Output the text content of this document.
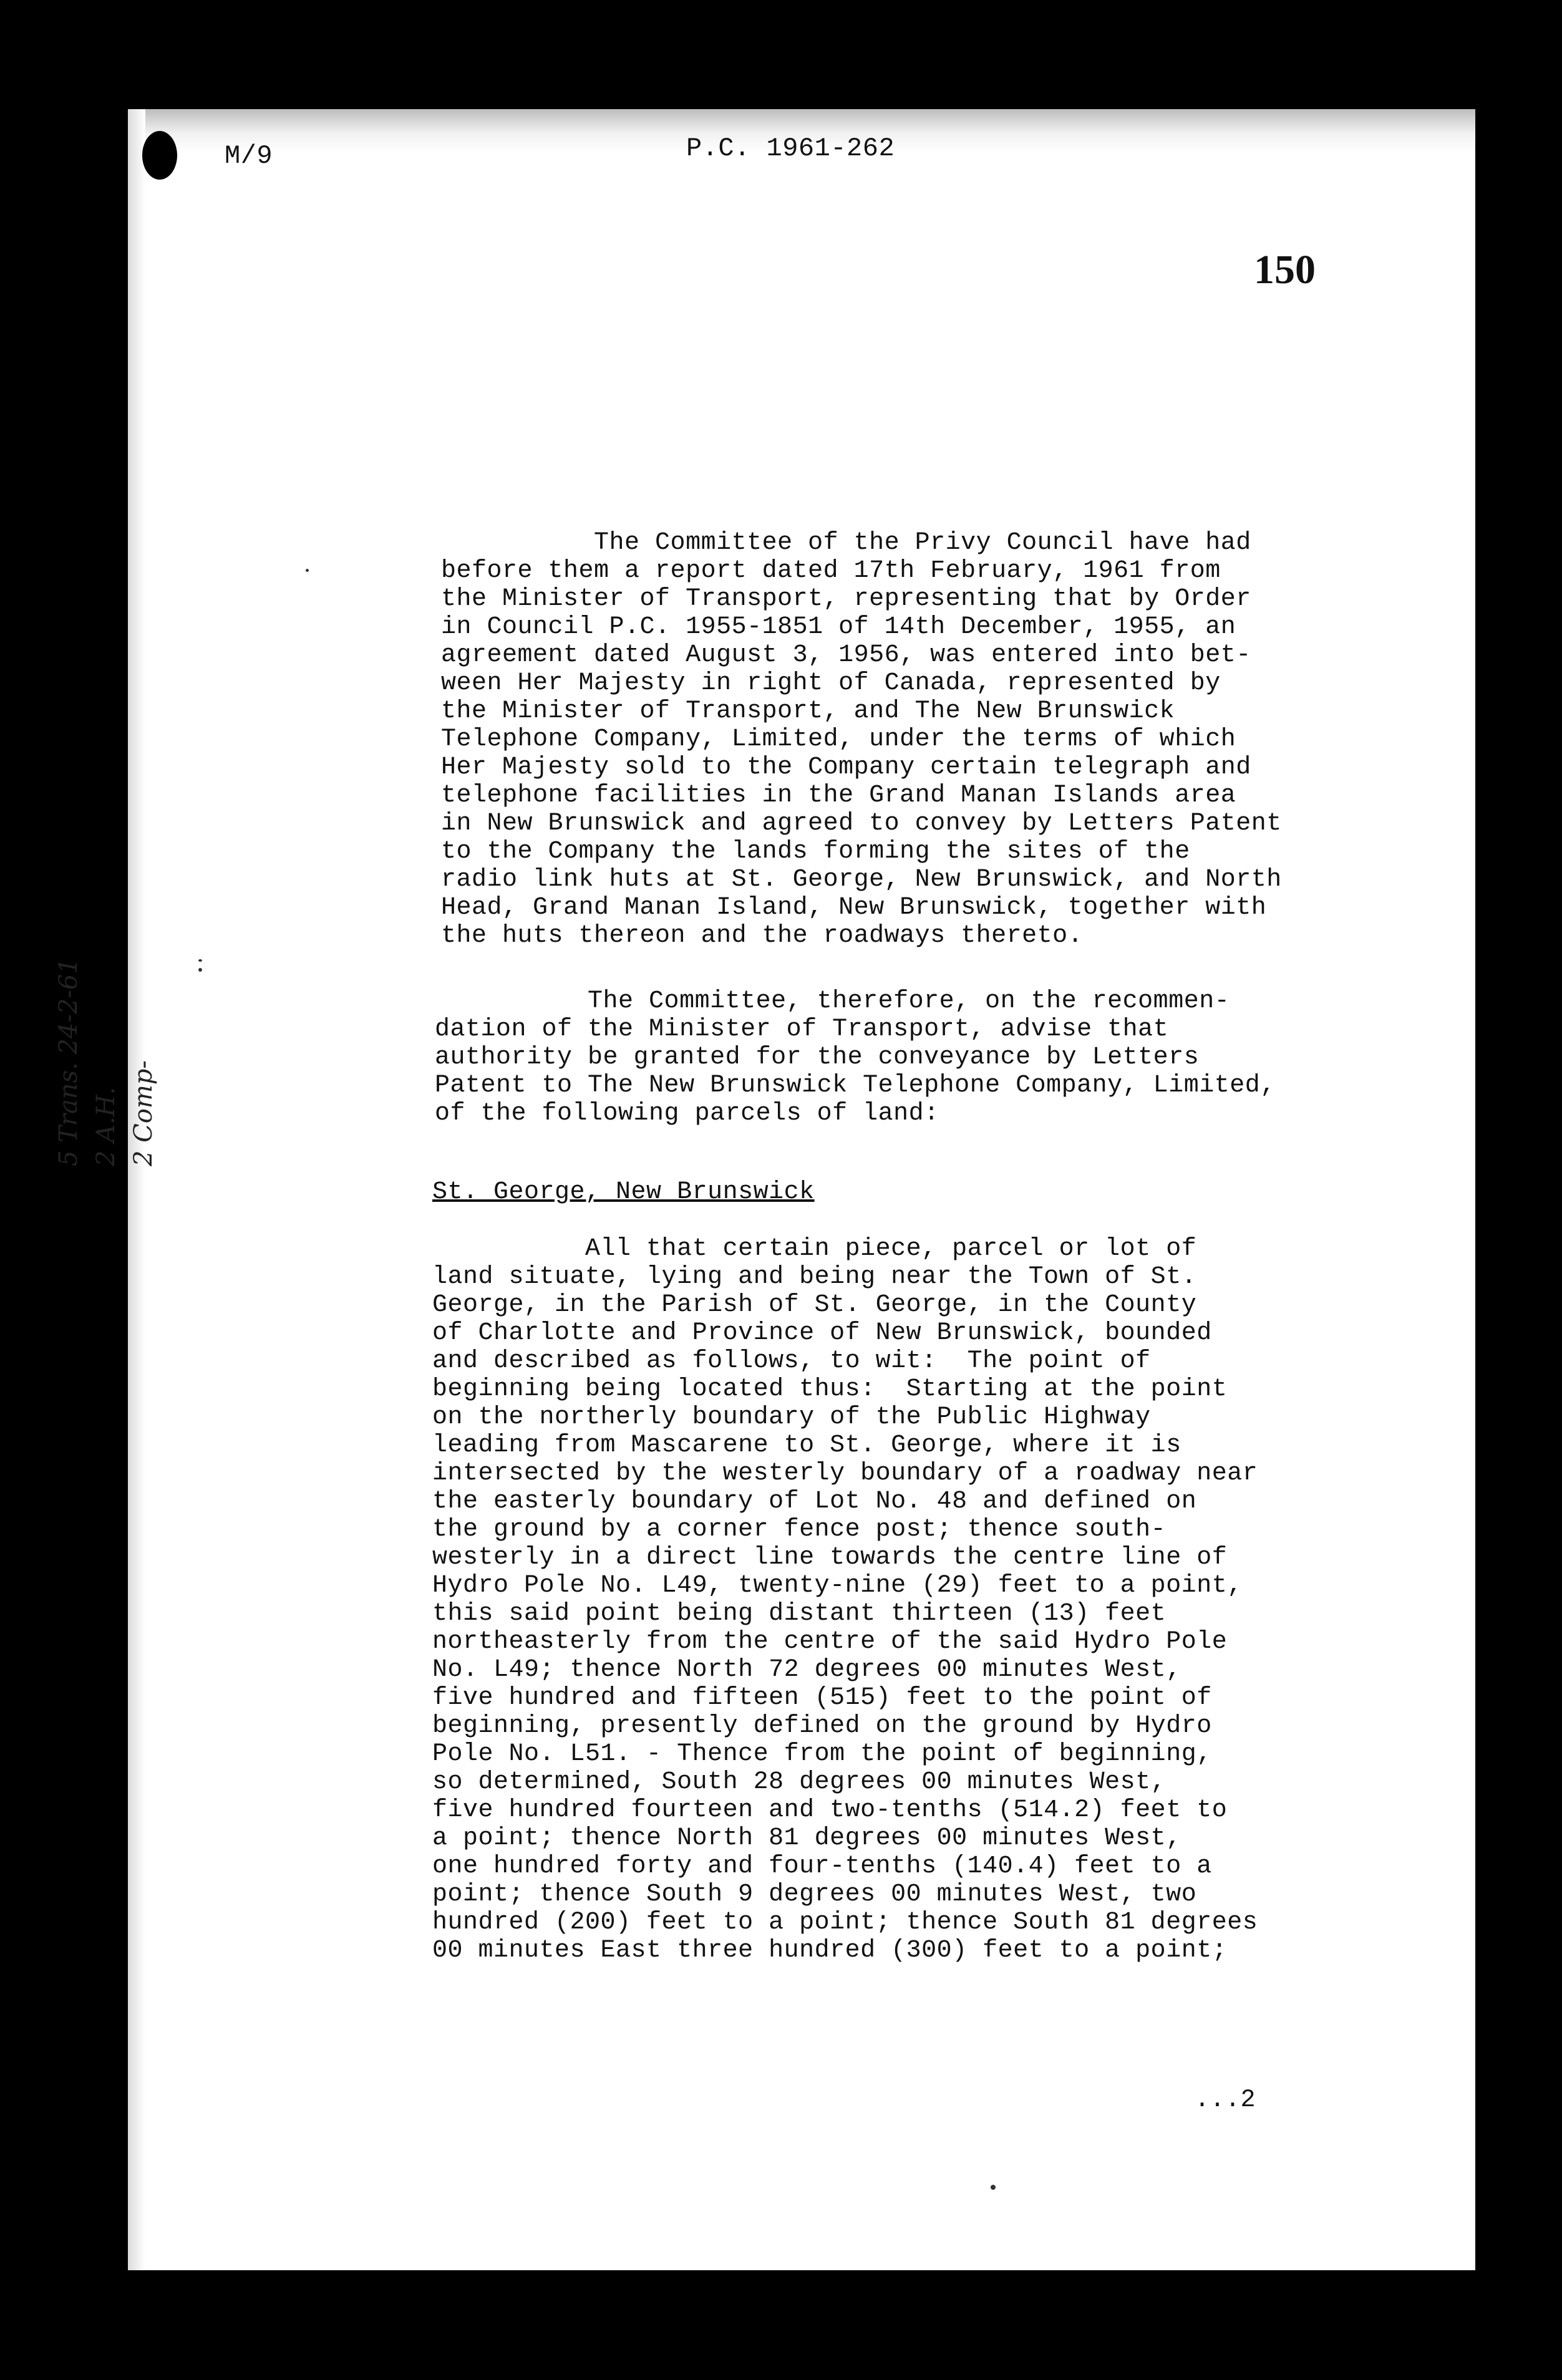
M/9	P.C. 1961-262
150
5 Trans. 24-2-61 2 A.H. 2 Comp-
The Committee of the Privy Council have had
before them a report dated 17th February, 1961 from
the Minister of Transport, representing that by Order
in Council P.C. 1955-1851 of 14th December, 1955, an
agreement dated August 3, 1956, was entered into bet-
ween Her Majesty in right of Canada, represented by
the Minister of Transport, and The New Brunswick
Telephone Company, Limited, under the terms of which
Her Majesty sold to the Company certain telegraph and
telephone facilities in the Grand Manan Islands area
in New Brunswick and agreed to convey by Letters Patent
to the Company the lands forming the sites of the
radio link huts at St. George, New Brunswick, and North
Head, Grand Manan Island, New Brunswick, together with
the huts thereon and the roadways thereto.
The Committee, therefore, on the recommen-
dation of the Minister of Transport, advise that
authority be granted for the conveyance by Letters
Patent to The New Brunswick Telephone Company, Limited,
of the following parcels of land:
St. George, New Brunswick
All that certain piece, parcel or lot of
land situate, lying and being near the Town of St.
George, in the Parish of St. George, in the County
of Charlotte and Province of New Brunswick, bounded
and described as follows, to wit:  The point of
beginning being located thus:  Starting at the point
on the northerly boundary of the Public Highway
leading from Mascarene to St. George, where it is
intersected by the westerly boundary of a roadway near
the easterly boundary of Lot No. 48 and defined on
the ground by a corner fence post; thence south-
westerly in a direct line towards the centre line of
Hydro Pole No. L49, twenty-nine (29) feet to a point,
this said point being distant thirteen (13) feet
northeasterly from the centre of the said Hydro Pole
No. L49; thence North 72 degrees 00 minutes West,
five hundred and fifteen (515) feet to the point of
beginning, presently defined on the ground by Hydro
Pole No. L51. - Thence from the point of beginning,
so determined, South 28 degrees 00 minutes West,
five hundred fourteen and two-tenths (514.2) feet to
a point; thence North 81 degrees 00 minutes West,
one hundred forty and four-tenths (140.4) feet to a
point; thence South 9 degrees 00 minutes West, two
hundred (200) feet to a point; thence South 81 degrees
00 minutes East three hundred (300) feet to a point;
...2
